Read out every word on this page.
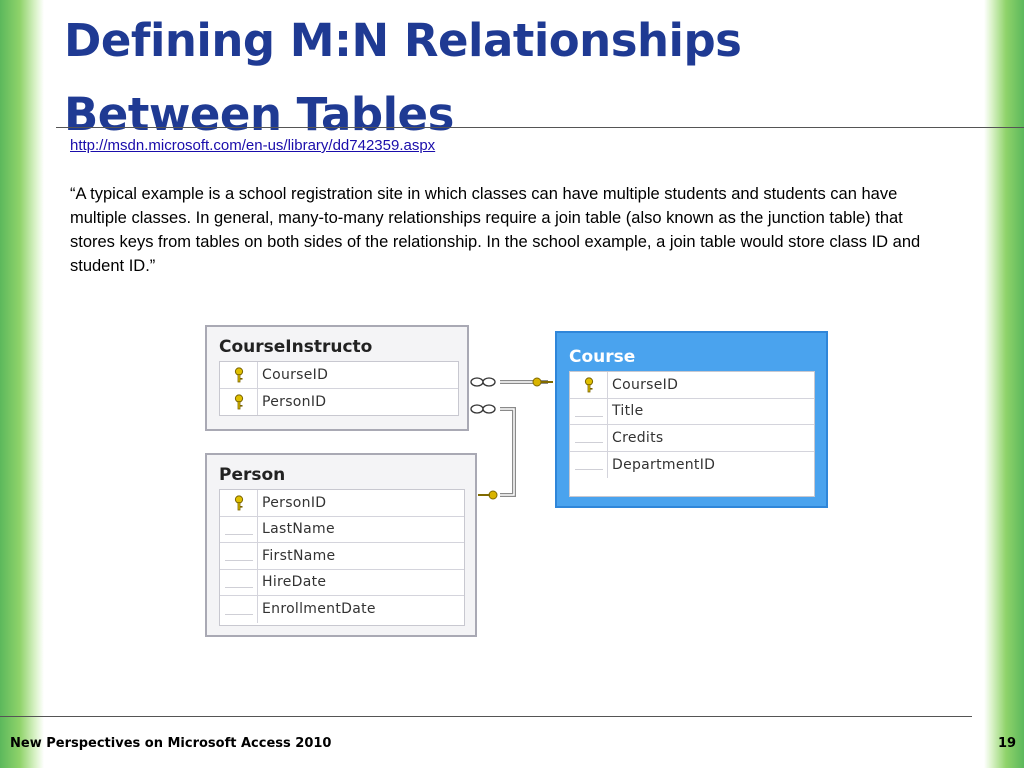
Defining M:N Relationships
Between Tables
http://msdn.microsoft.com/en-us/library/dd742359.aspx

“A typical example is a school registration site in which classes can have multiple students and students can have multiple classes. In general, many-to-many relationships require a join table (also known as the junction table) that stores keys from tables on both sides of the relationship. In the school example, a join table would store class ID and student ID.”

CourseInstructo
CourseID
PersonID
Person
PersonID
LastName
FirstName
HireDate
EnrollmentDate
Course
CourseID
Title
Credits
DepartmentID
New Perspectives on Microsoft Access 2010	19
